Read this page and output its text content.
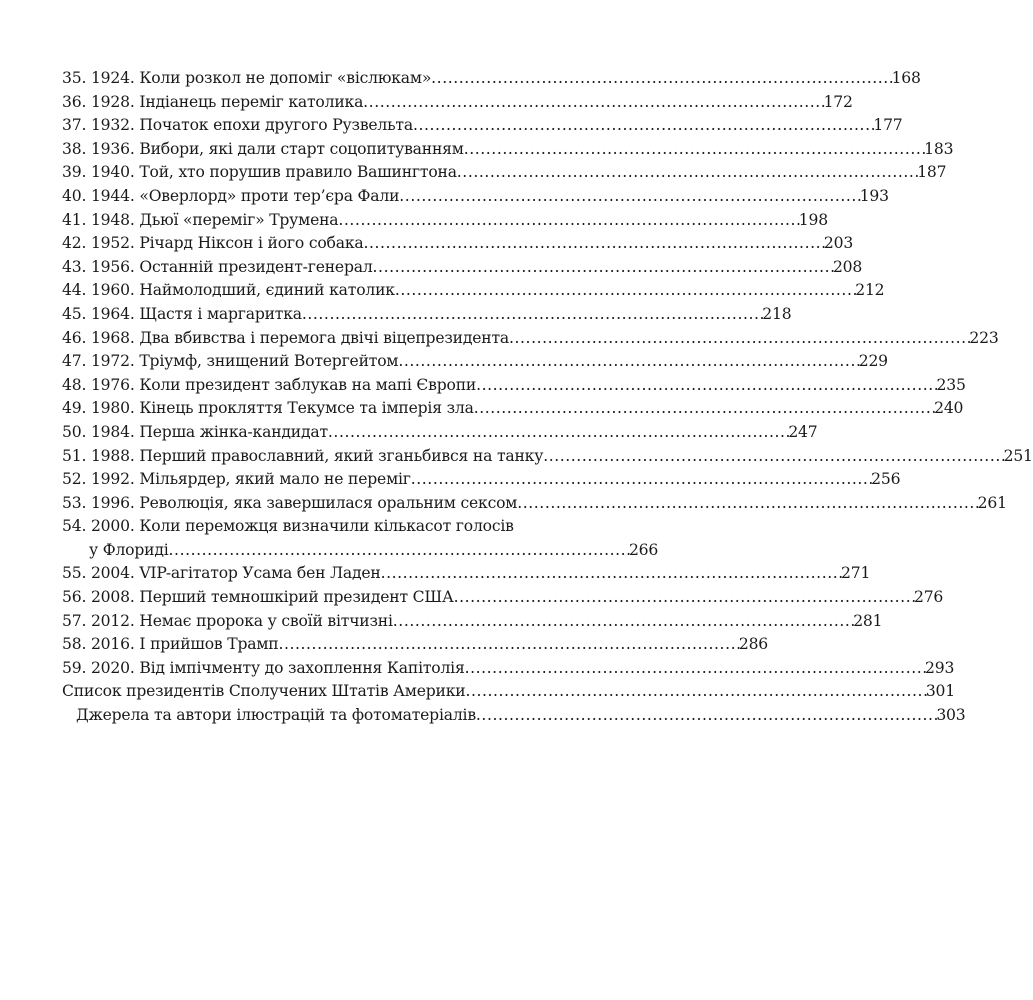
35. 1924. Коли розкол не допоміг «віслюкам» . . .	168
36. 1928. Індіанець переміг католика . . .	172
37. 1932. Початок епохи другого Рузвельта . . .	177
38. 1936. Вибори, які дали старт соцопитуванням . . .	183
39. 1940. Той, хто порушив правило Вашингтона . . .	187
40. 1944. «Оверлорд» проти тер’єра Фали . . .	193
41. 1948. Дьюї «переміг» Трумена . . .	198
42. 1952. Річард Ніксон і його собака . . .	203
43. 1956. Останній президент-генерал . . .	208
44. 1960. Наймолодший, єдиний католик . . .	212
45. 1964. Щастя і маргаритка . . .	218
46. 1968. Два вбивства і перемога двічі віцепрезидента . . .	223
47. 1972. Тріумф, знищений Вотергейтом . . .	229
48. 1976. Коли президент заблукав на мапі Європи . . .	235
49. 1980. Кінець прокляття Текумсе та імперія зла . . .	240
50. 1984. Перша жінка-кандидат . . .	247
51. 1988. Перший православний, який зганьбився на танку . . .	251
52. 1992. Мільярдер, який мало не переміг . . .	256
53. 1996. Революція, яка завершилася оральним сексом . . .	261
54. 2000. Коли переможця визначили кількасот голосів
у Флориді . . .	266
55. 2004. VIP-агітатор Усама бен Ладен . . .	271
56. 2008. Перший темношкірий президент США . . .	276
57. 2012. Немає пророка у своїй вітчизні . . .	281
58. 2016. І прийшов Трамп . . .	286
59. 2020. Від імпічменту до захоплення Капітолія . . .	293
Список президентів Сполучених Штатів Америки . . .	301
Джерела та автори ілюстрацій та фотоматеріалів . . .	303
